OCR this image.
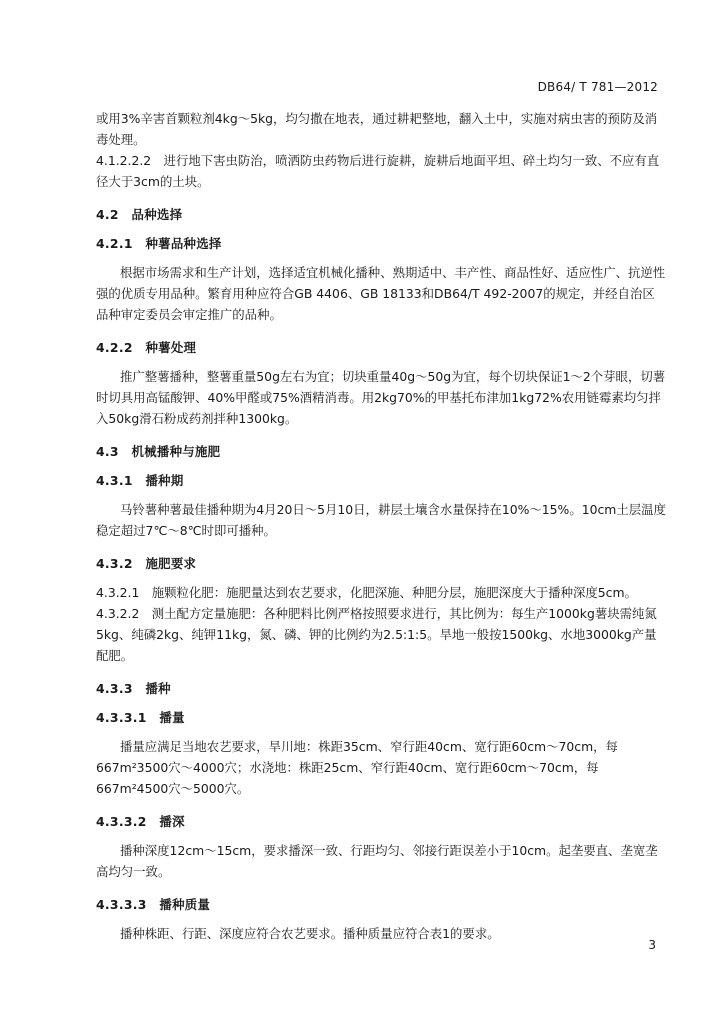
DB64/ T 781—2012

或用3%辛害首颗粒剂4kg～5kg，均匀撒在地表，通过耕耙整地，翻入土中，实施对病虫害的预防及消毒处理。

4.1.2.2.2　进行地下害虫防治，喷洒防虫药物后进行旋耕，旋耕后地面平坦、碎土均匀一致、不应有直径大于3cm的土块。

4.2　品种选择

4.2.1　种薯品种选择

根据市场需求和生产计划，选择适宜机械化播种、熟期适中、丰产性、商品性好、适应性广、抗逆性强的优质专用品种。繁育用种应符合GB 4406、GB 18133和DB64/T 492-2007的规定，并经自治区品种审定委员会审定推广的品种。

4.2.2　种薯处理

推广整薯播种，整薯重量50g左右为宜；切块重量40g～50g为宜，每个切块保证1～2个芽眼，切薯时切具用高锰酸钾、40%甲醛或75%酒精消毒。用2kg70%的甲基托布津加1kg72%农用链霉素均匀拌入50kg滑石粉成药剂拌种1300kg。

4.3　机械播种与施肥

4.3.1　播种期

马铃薯种薯最佳播种期为4月20日～5月10日，耕层土壤含水量保持在10%～15%。10cm土层温度稳定超过7℃～8℃时即可播种。

4.3.2　施肥要求

4.3.2.1　施颗粒化肥：施肥量达到农艺要求，化肥深施、种肥分层，施肥深度大于播种深度5cm。

4.3.2.2　测土配方定量施肥：各种肥料比例严格按照要求进行，其比例为：每生产1000kg薯块需纯氮5kg、纯磷2kg、纯钾11kg，氮、磷、钾的比例约为2.5:1:5。旱地一般按1500kg、水地3000kg产量配肥。

4.3.3　播种

4.3.3.1　播量

播量应满足当地农艺要求，旱川地：株距35cm、窄行距40cm、宽行距60cm～70cm，每667m²3500穴～4000穴；水浇地：株距25cm、窄行距40cm、宽行距60cm～70cm，每667m²4500穴～5000穴。

4.3.3.2　播深

播种深度12cm～15cm，要求播深一致、行距均匀、邻接行距误差小于10cm。起垄要直、垄宽垄高均匀一致。

4.3.3.3　播种质量

播种株距、行距、深度应符合农艺要求。播种质量应符合表1的要求。

3
